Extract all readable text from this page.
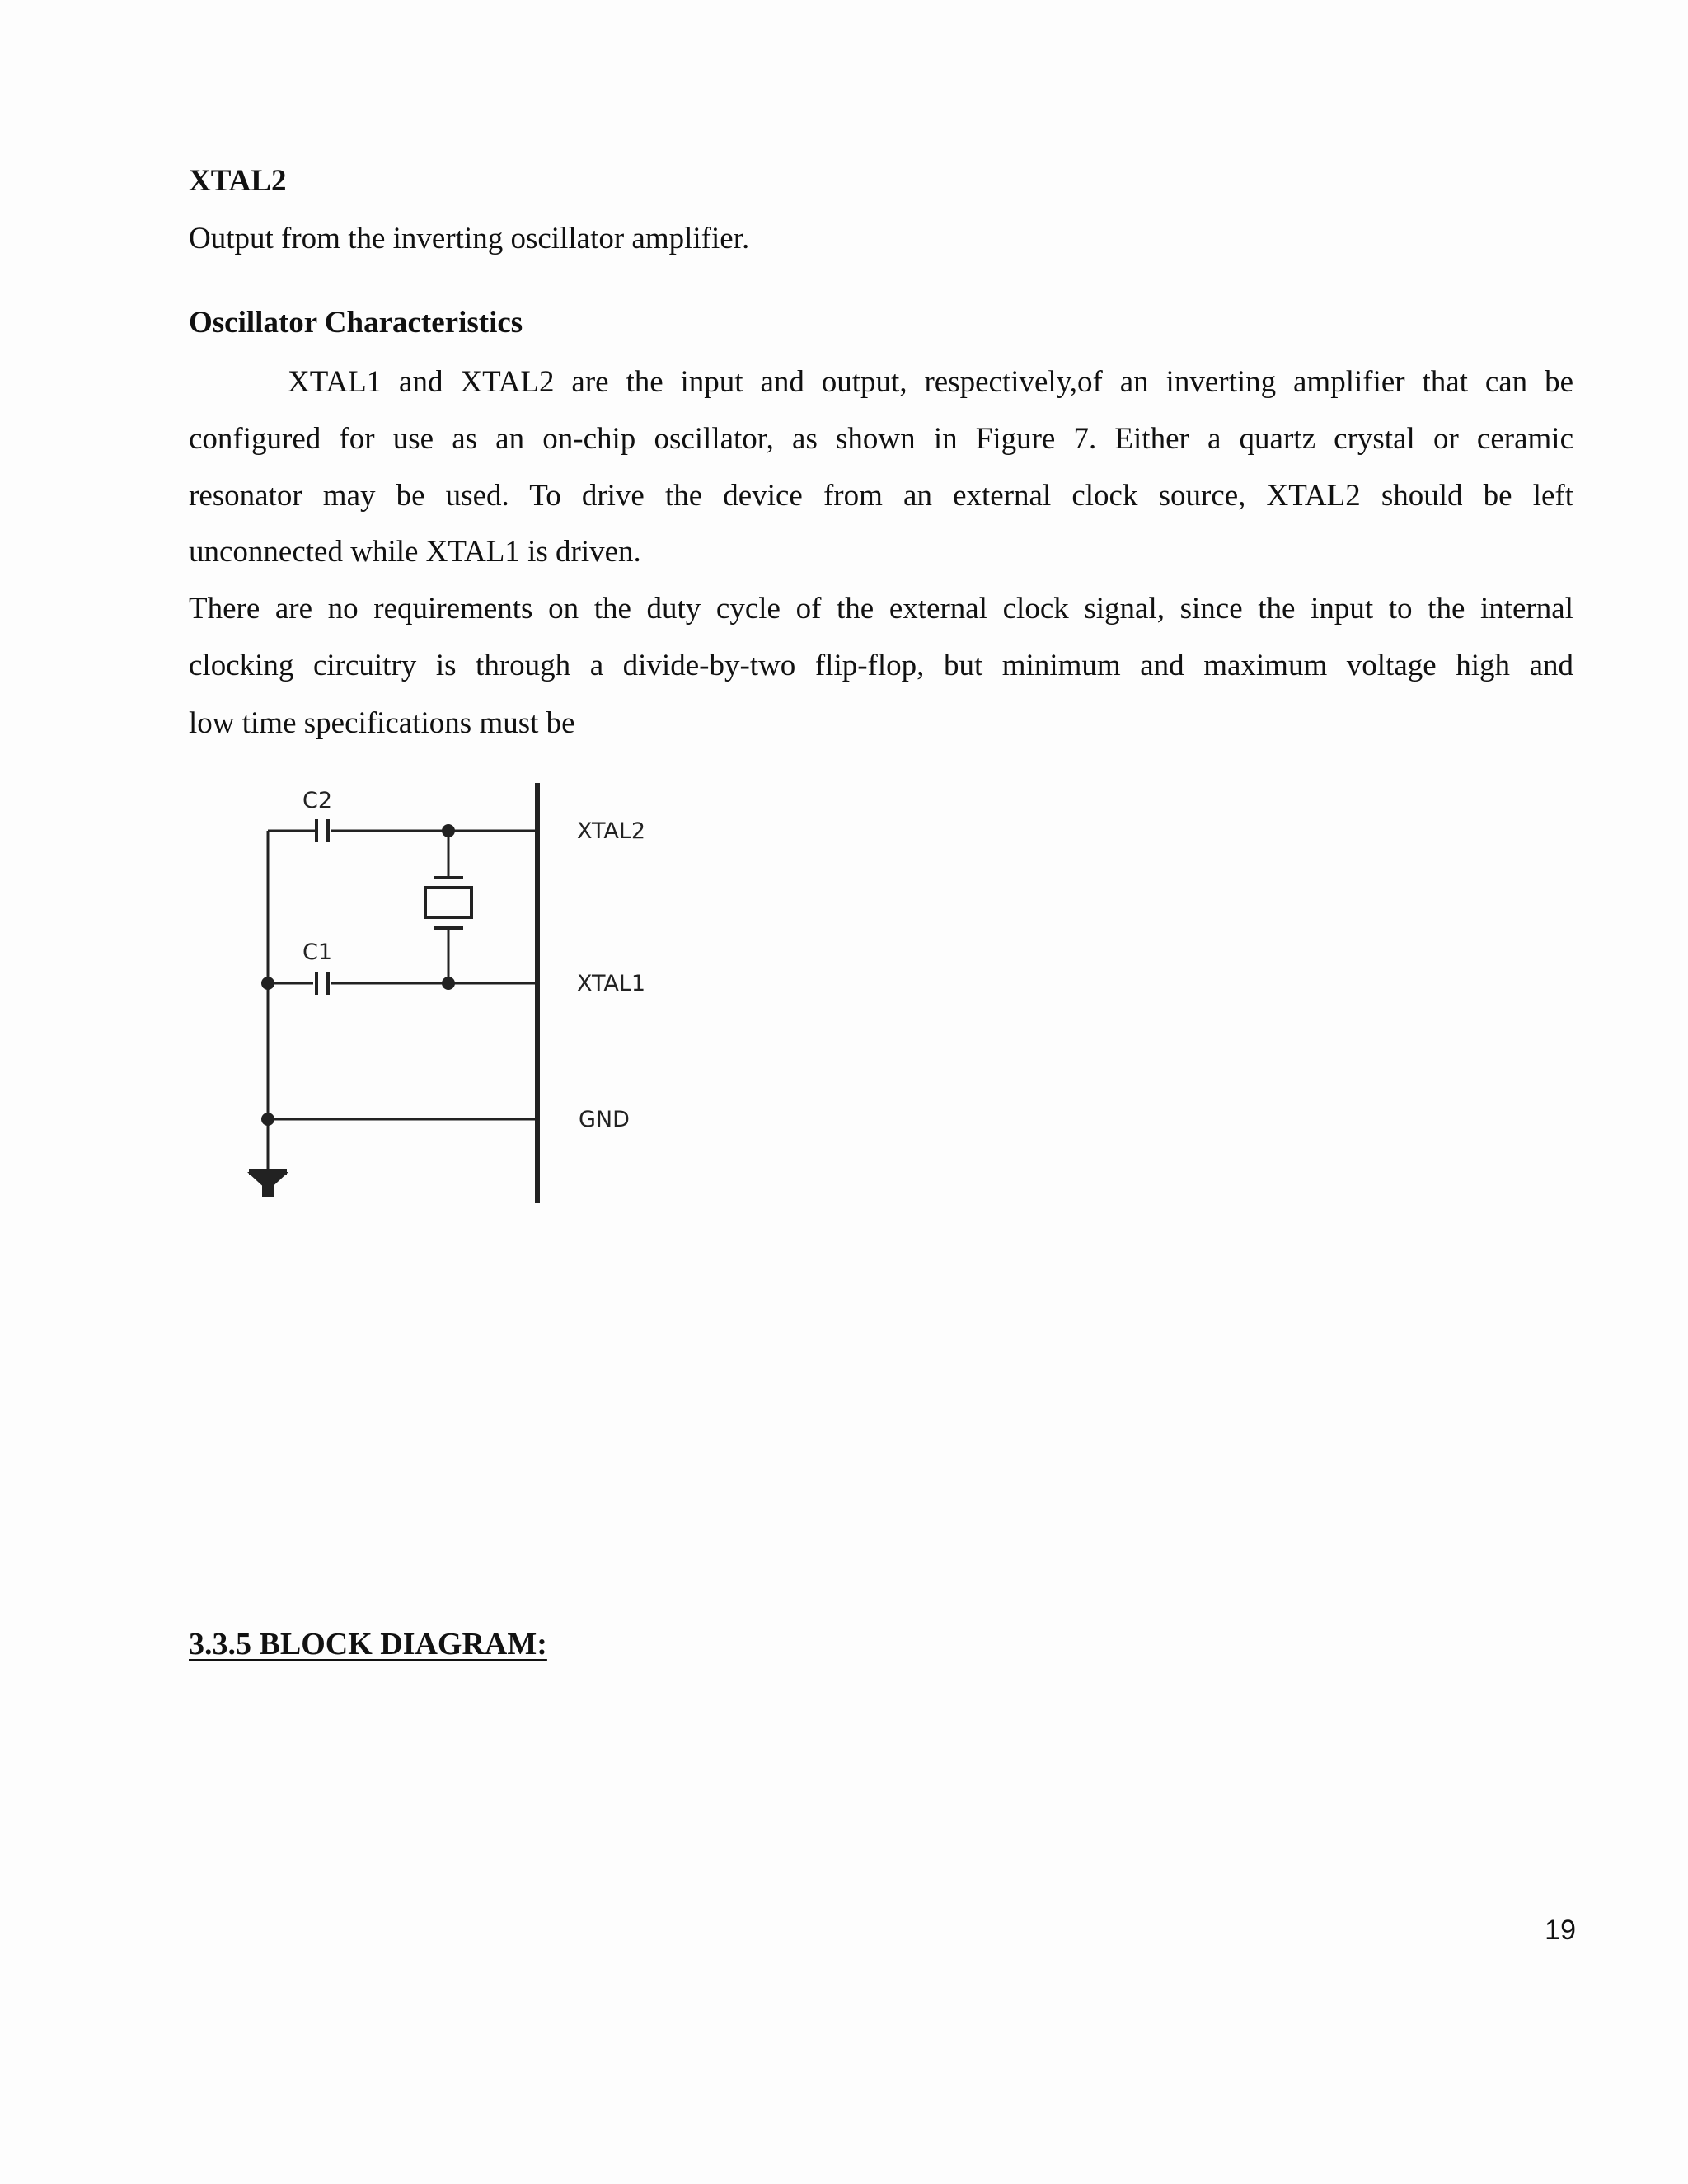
XTAL2
Output from the inverting oscillator amplifier.
Oscillator Characteristics
XTAL1 and XTAL2 are the input and output, respectively,of an inverting amplifier that can be
configured for use as an on-chip oscillator, as shown in Figure 7. Either a quartz crystal or ceramic
resonator may be used. To drive the device from an external clock source, XTAL2 should be left
unconnected while XTAL1 is driven.
There are no requirements on the duty cycle of the external clock signal, since the input to the internal
clocking circuitry is through a divide-by-two flip-flop, but minimum and maximum voltage high and
low time specifications must be
C2
C1
XTAL2
XTAL1
GND
3.3.5 BLOCK DIAGRAM:
19
